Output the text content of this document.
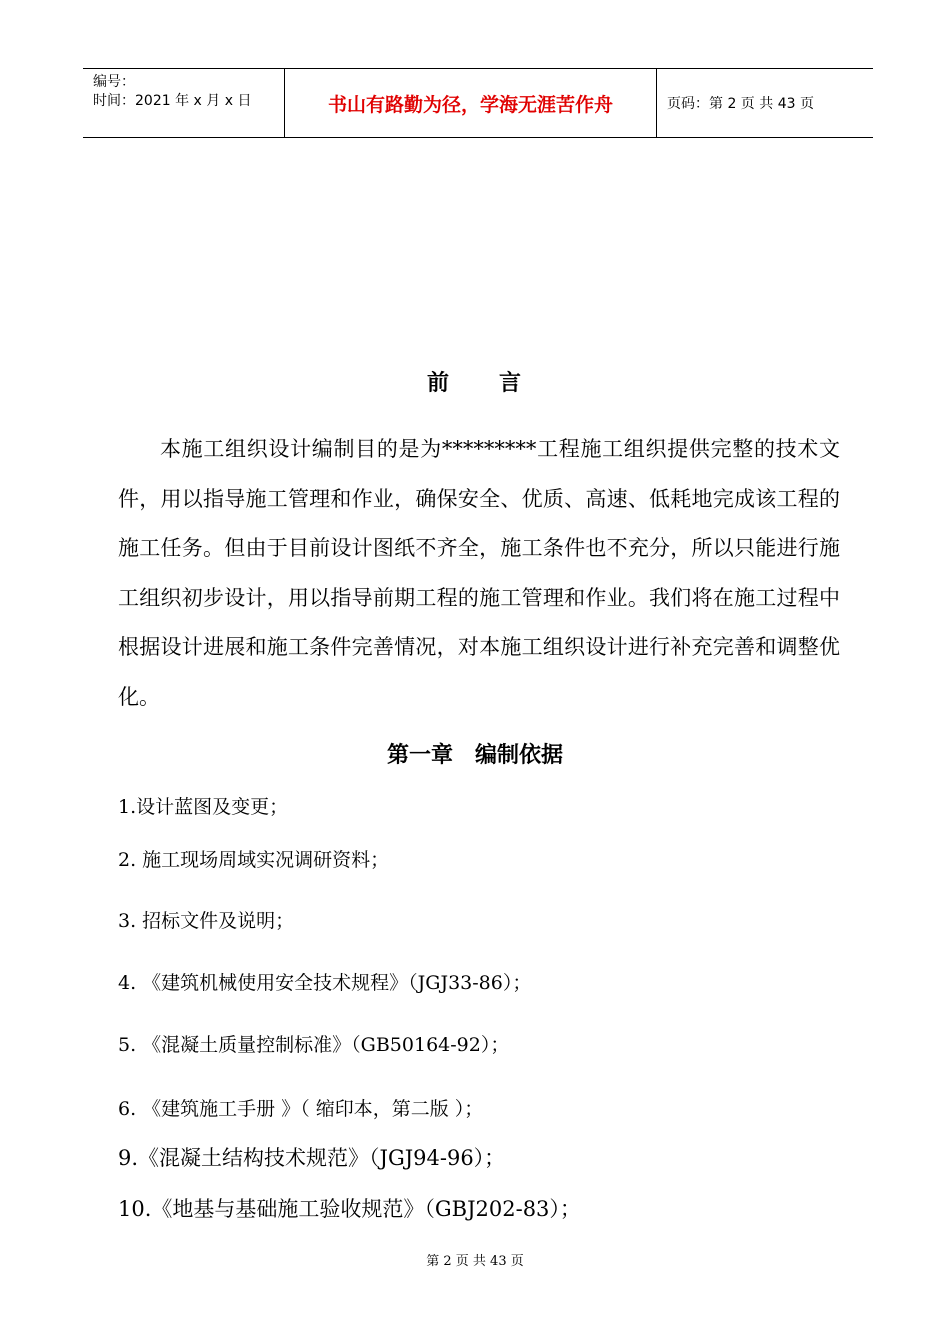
编号：
时间：2021 年 x 月 x 日	书山有路勤为径，学海无涯苦作舟	页码：第 2 页 共 43 页
前 言
本施工组织设计编制目的是为*********工程施工组织提供完整的技术文件，用以指导施工管理和作业，确保安全、优质、高速、低耗地完成该工程的施工任务。但由于目前设计图纸不齐全，施工条件也不充分，所以只能进行施工组织初步设计，用以指导前期工程的施工管理和作业。我们将在施工过程中根据设计进展和施工条件完善情况，对本施工组织设计进行补充完善和调整优化。
第一章　编制依据
1.设计蓝图及变更；
2. 施工现场周域实况调研资料；
3. 招标文件及说明；
4. 《建筑机械使用安全技术规程》（JGJ33-86）；
5. 《混凝土质量控制标准》（GB50164-92）；
6. 《建筑施工手册 》（ 缩印本，第二版 ）；
9.《混凝土结构技术规范》（JGJ94-96）；
10.《地基与基础施工验收规范》（GBJ202-83）；
第 2 页 共 43 页
